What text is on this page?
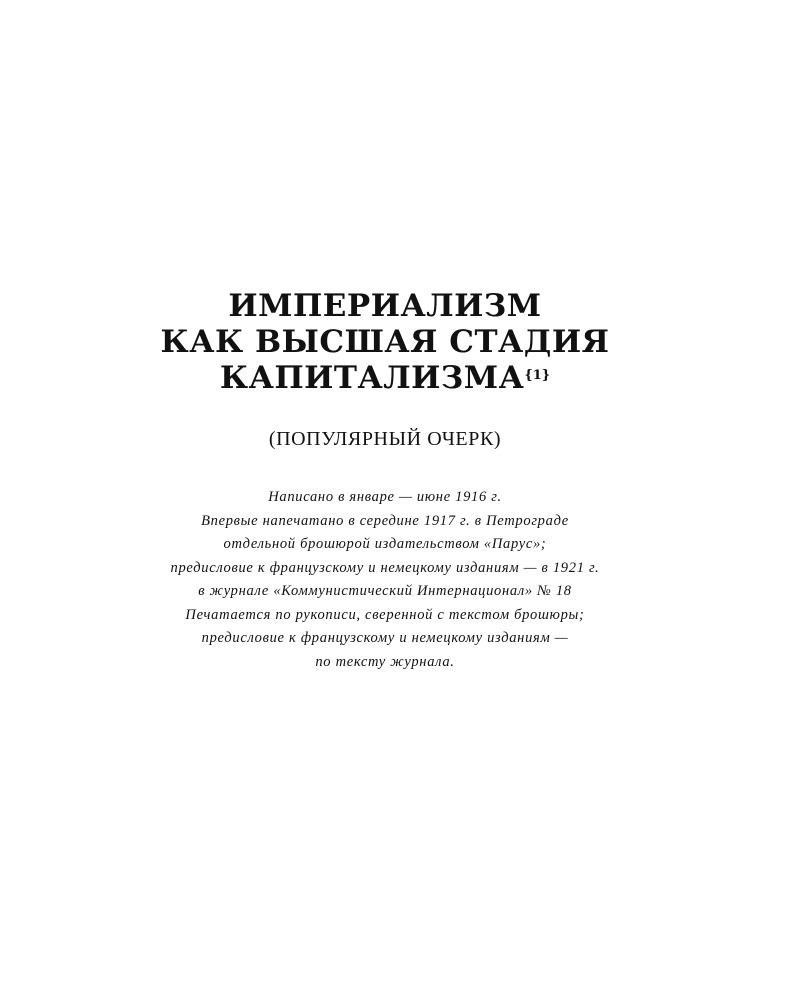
ИМПЕРИАЛИЗМ
КАК ВЫСШАЯ СТАДИЯ
КАПИТАЛИЗМА$^{\{1\}}$
(ПОПУЛЯРНЫЙ ОЧЕРК)
Написано в январе — июне 1916 г.
Впервые напечатано в середине 1917 г. в Петрограде
отдельной брошюрой издательством «Парус»;
предисловие к французскому и немецкому изданиям — в 1921 г.
в журнале «Коммунистический Интернационал» № 18
Печатается по рукописи, сверенной с текстом брошюры;
предисловие к французскому и немецкому изданиям —
по тексту журнала.
